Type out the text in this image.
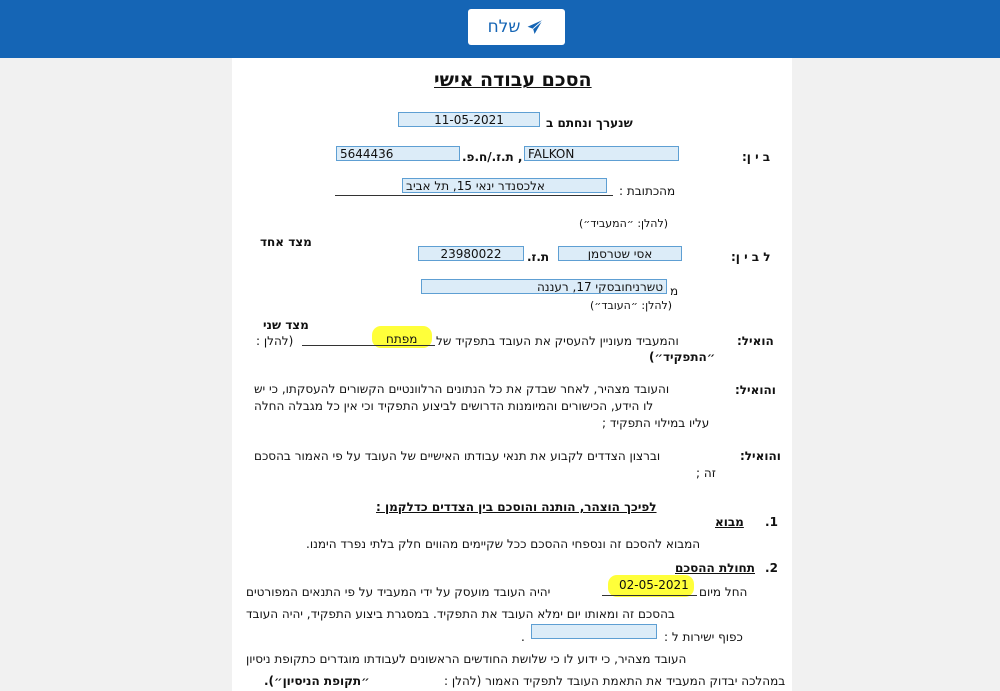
שלח
הסכם עבודה אישי
שנערך ונחתם ב
11-05-2021
ב י ן:
FALKON
, ת.ז./ח.פ.
5644436
מהכתובת :
אלכסנדר ינאי 15, תל אביב
(להלן: ״המעביד״)
מצד אחד
ל ב י ן:
אסי שטרסמן
ת.ז.
23980022
מ
טשרניחובסקי 17, רעננה
(להלן: ״העובד״)
מצד שני
הואיל:
והמעביד מעוניין להעסיק את העובד בתפקיד של
מפתח
(להלן :
״התפקיד״)
והואיל:
והעובד מצהיר, לאחר שבדק את כל הנתונים הרלוונטיים הקשורים להעסקתו, כי יש
לו הידע, הכישורים והמיומנות הדרושים לביצוע התפקיד וכי אין כל מגבלה החלה
עליו במילוי התפקיד ;
והואיל:
וברצון הצדדים לקבוע את תנאי עבודתו האישיים של העובד על פי האמור בהסכם
זה ;
לפיכך הוצהר, הותנה והוסכם בין הצדדים כדלקמן :
1.
מבוא
המבוא להסכם זה ונספחי ההסכם ככל שקיימים מהווים חלק בלתי נפרד הימנו.
2.
תחולת ההסכם
החל מיום
02-05-2021
יהיה העובד מועסק על ידי המעביד על פי התנאים המפורטים
בהסכם זה ומאותו יום ימלא העובד את התפקיד. במסגרת ביצוע התפקיד, יהיה העובד
כפוף ישירות ל :
.
העובד מצהיר, כי ידוע לו כי שלושת החודשים הראשונים לעבודתו מוגדרים כתקופת ניסיון
במהלכה יבדוק המעביד את התאמת העובד לתפקיד האמור (להלן :
״תקופת הניסיון״).
